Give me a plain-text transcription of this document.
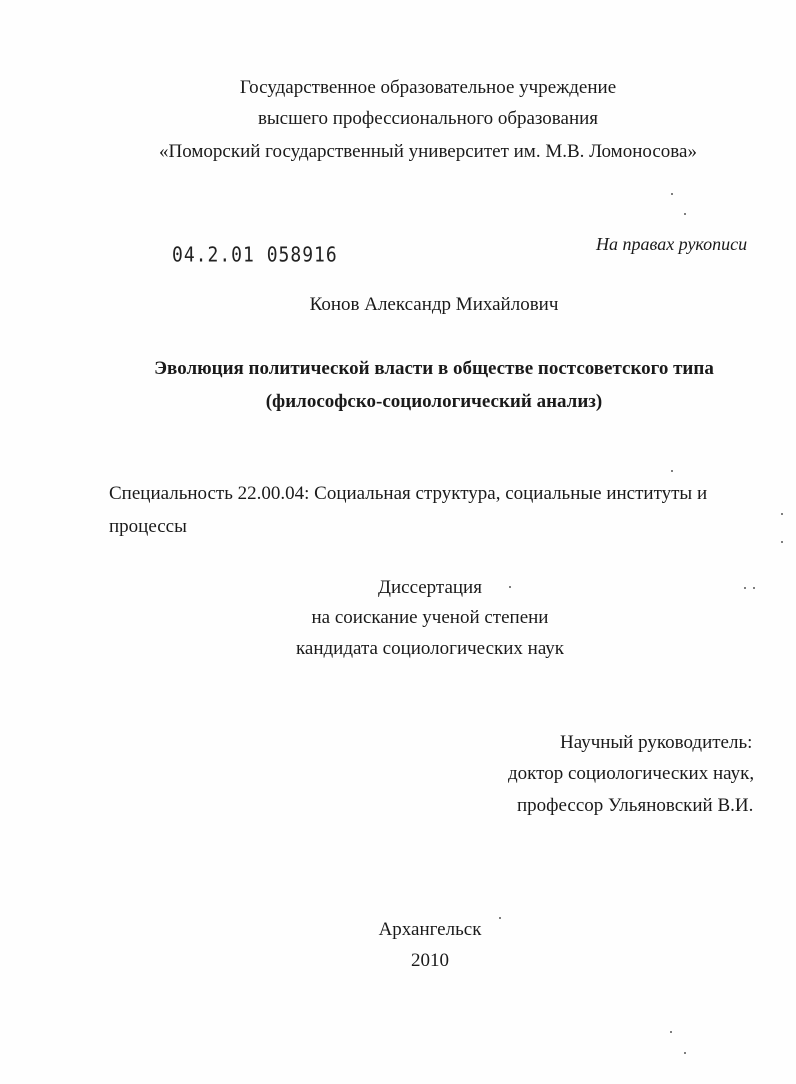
Государственное образовательное учреждение
высшего профессионального образования
«Поморский государственный университет им. М.В. Ломоносова»
На правах рукописи
04.2.01 058916
Конов Александр Михайлович
Эволюция политической власти в обществе постсоветского типа
(философско-социологический анализ)
Специальность 22.00.04: Социальная структура, социальные институты и
процессы
Диссертация
на соискание ученой степени
кандидата социологических наук
Научный руководитель:
доктор социологических наук,
профессор Ульяновский В.И.
Архангельск
2010
